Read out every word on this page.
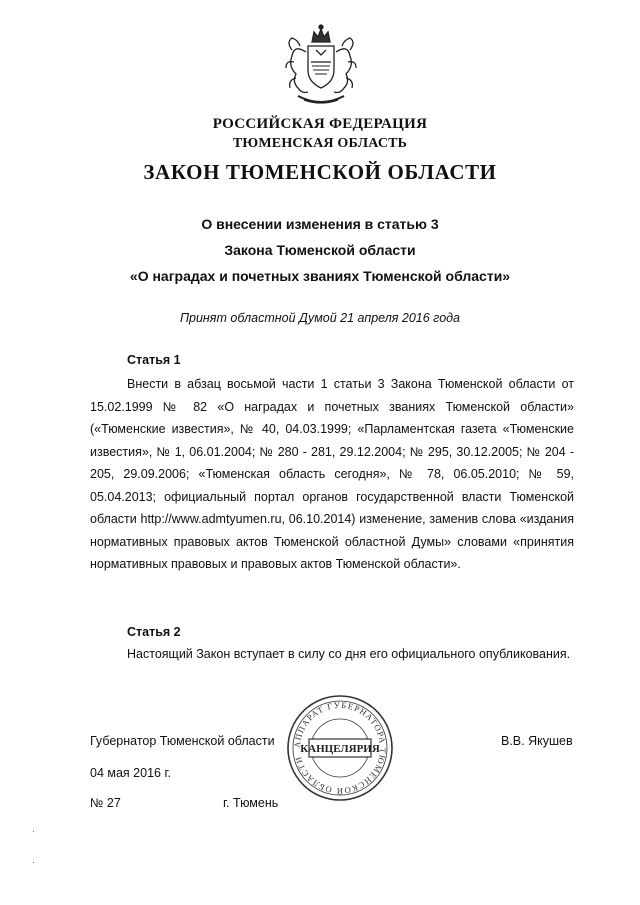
РОССИЙСКАЯ ФЕДЕРАЦИЯ
ТЮМЕНСКАЯ ОБЛАСТЬ
ЗАКОН ТЮМЕНСКОЙ ОБЛАСТИ
О внесении изменения в статью 3
Закона Тюменской области
«О наградах и почетных званиях Тюменской области»
Принят областной Думой 21 апреля 2016 года
Статья 1

Внести в абзац восьмой части 1 статьи 3 Закона Тюменской области от 15.02.1999 № 82 «О наградах и почетных званиях Тюменской области» («Тюменские известия», № 40, 04.03.1999; «Парламентская газета «Тюменские известия», № 1, 06.01.2004; № 280 - 281, 29.12.2004; № 295, 30.12.2005; № 204 - 205, 29.09.2006; «Тюменская область сегодня», № 78, 06.05.2010; № 59, 05.04.2013; официальный портал органов государственной власти Тюменской области http://www.admtyumen.ru, 06.10.2014) изменение, заменив слова «издания нормативных правовых актов Тюменской областной Думы» словами «принятия нормативных правовых и правовых актов Тюменской области».

Статья 2

Настоящий Закон вступает в силу со дня его официального опубликования.

Губернатор Тюменской области	В.В. Якушев
04 мая 2016 г.
№ 27	г. Тюмень
АППАРАТ ГУБЕРНАТОРА ТЮМЕНСКОЙ ОБЛАСТИ
КАНЦЕЛЯРИЯ
·
·
